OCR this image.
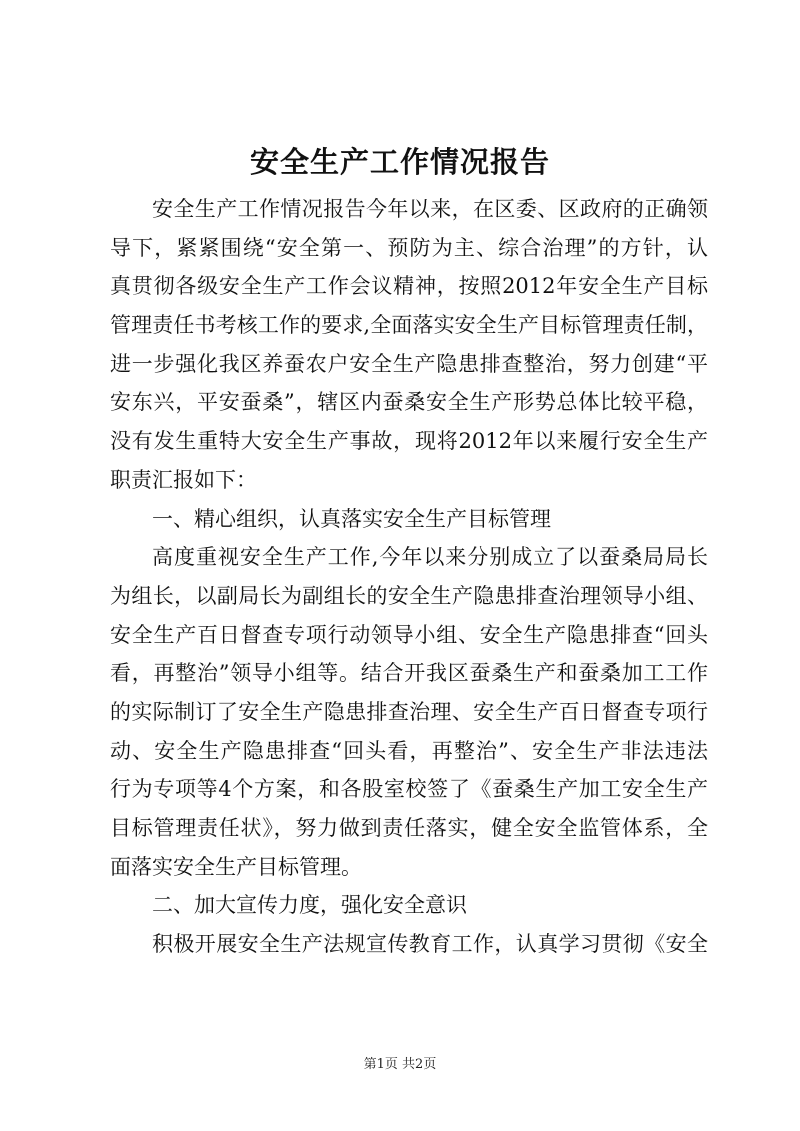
安全生产工作情况报告
安全生产工作情况报告今年以来，在区委、区政府的正确领
导下，紧紧围绕“安全第一、预防为主、综合治理”的方针，认
真贯彻各级安全生产工作会议精神，按照2012年安全生产目标
管理责任书考核工作的要求,全面落实安全生产目标管理责任制，
进一步强化我区养蚕农户安全生产隐患排查整治，努力创建“平
安东兴，平安蚕桑”，辖区内蚕桑安全生产形势总体比较平稳，
没有发生重特大安全生产事故，现将2012年以来履行安全生产
职责汇报如下：
一、精心组织，认真落实安全生产目标管理
高度重视安全生产工作,今年以来分别成立了以蚕桑局局长
为组长，以副局长为副组长的安全生产隐患排查治理领导小组、
安全生产百日督查专项行动领导小组、安全生产隐患排查“回头
看，再整治”领导小组等。结合开我区蚕桑生产和蚕桑加工工作
的实际制订了安全生产隐患排查治理、安全生产百日督查专项行
动、安全生产隐患排查“回头看，再整治”、安全生产非法违法
行为专项等4个方案，和各股室校签了《蚕桑生产加工安全生产
目标管理责任状》，努力做到责任落实，健全安全监管体系，全
面落实安全生产目标管理。
二、加大宣传力度，强化安全意识
积极开展安全生产法规宣传教育工作，认真学习贯彻《安全
第1页 共2页
